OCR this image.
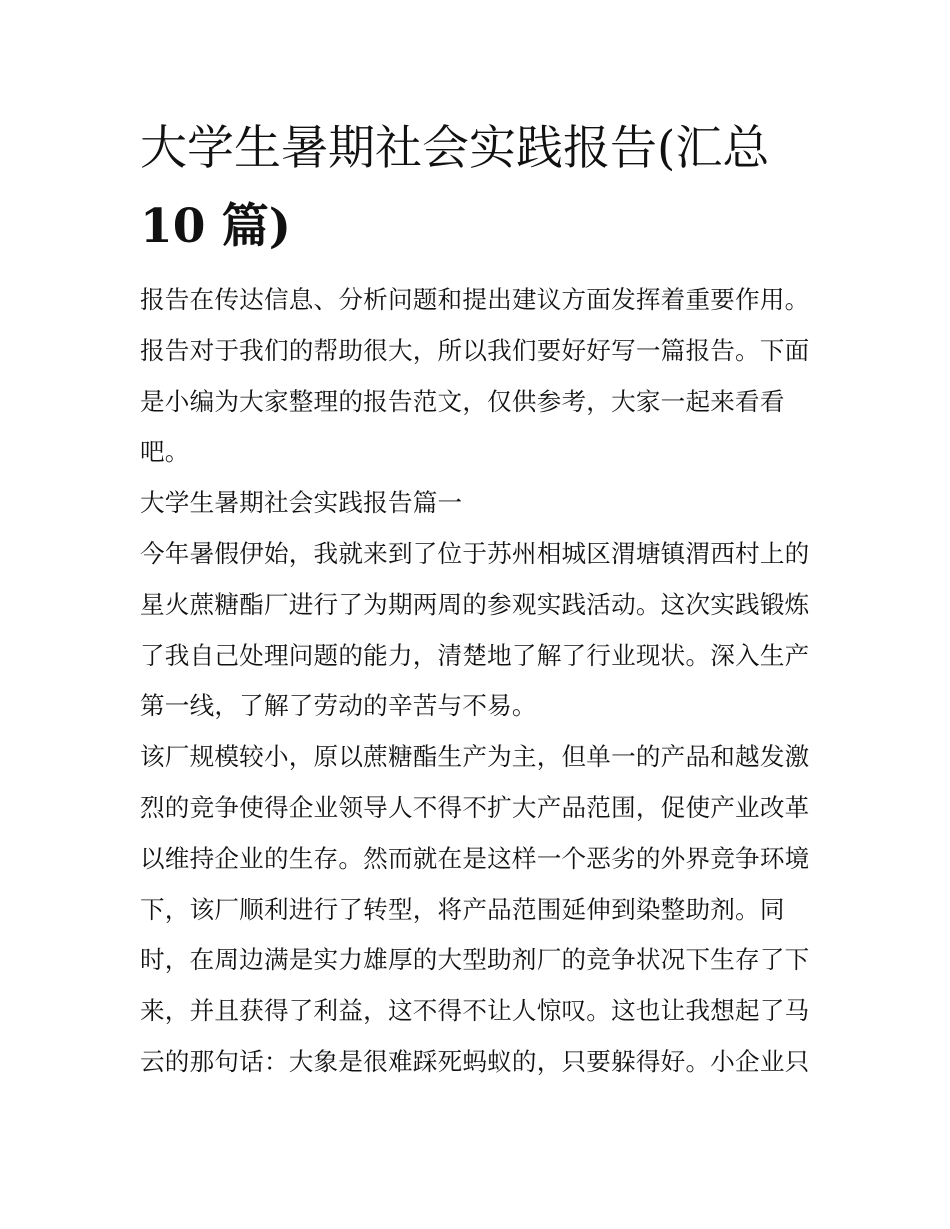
大学生暑期社会实践报告(汇总
10 篇)
报告在传达信息、分析问题和提出建议方面发挥着重要作用。
报告对于我们的帮助很大，所以我们要好好写一篇报告。下面
是小编为大家整理的报告范文，仅供参考，大家一起来看看
吧。
大学生暑期社会实践报告篇一
今年暑假伊始，我就来到了位于苏州相城区渭塘镇渭西村上的
星火蔗糖酯厂进行了为期两周的参观实践活动。这次实践锻炼
了我自己处理问题的能力，清楚地了解了行业现状。深入生产
第一线，了解了劳动的辛苦与不易。
该厂规模较小，原以蔗糖酯生产为主，但单一的产品和越发激
烈的竞争使得企业领导人不得不扩大产品范围，促使产业改革
以维持企业的生存。然而就在是这样一个恶劣的外界竞争环境
下，该厂顺利进行了转型，将产品范围延伸到染整助剂。同
时，在周边满是实力雄厚的大型助剂厂的竞争状况下生存了下
来，并且获得了利益，这不得不让人惊叹。这也让我想起了马
云的那句话：大象是很难踩死蚂蚁的，只要躲得好。小企业只
